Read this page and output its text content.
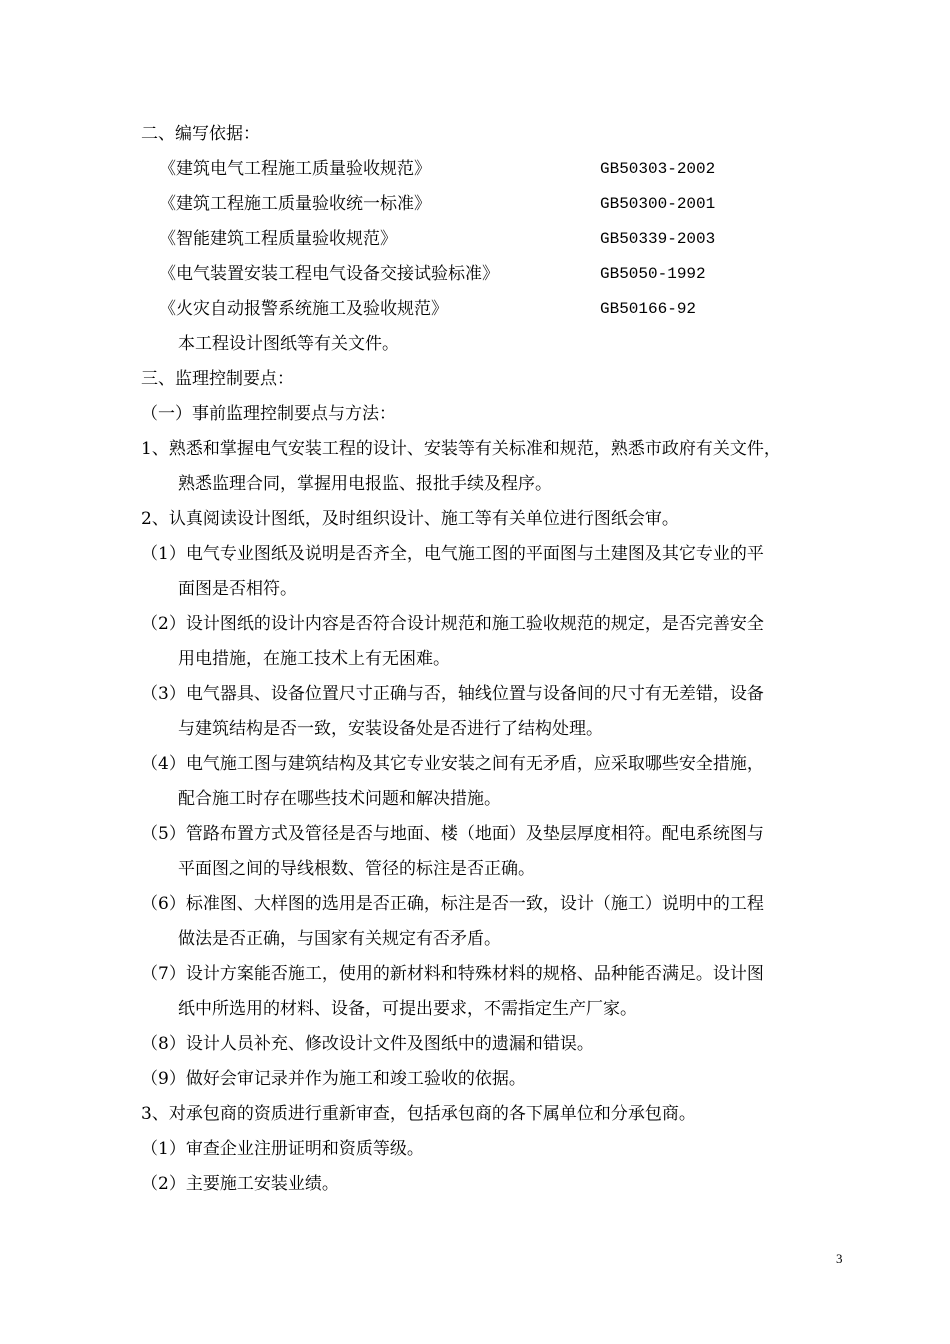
二、编写依据：
《建筑电气工程施工质量验收规范》	GB50303-2002
《建筑工程施工质量验收统一标准》	GB50300-2001
《智能建筑工程质量验收规范》	GB50339-2003
《电气装置安装工程电气设备交接试验标准》	GB5050-1992
《火灾自动报警系统施工及验收规范》	GB50166-92
本工程设计图纸等有关文件。
三、监理控制要点：
（一）事前监理控制要点与方法：
1、熟悉和掌握电气安装工程的设计、安装等有关标准和规范，熟悉市政府有关文件，
熟悉监理合同，掌握用电报监、报批手续及程序。
2、认真阅读设计图纸，及时组织设计、施工等有关单位进行图纸会审。
（1）电气专业图纸及说明是否齐全，电气施工图的平面图与土建图及其它专业的平
面图是否相符。
（2）设计图纸的设计内容是否符合设计规范和施工验收规范的规定，是否完善安全
用电措施，在施工技术上有无困难。
（3）电气器具、设备位置尺寸正确与否，轴线位置与设备间的尺寸有无差错，设备
与建筑结构是否一致，安装设备处是否进行了结构处理。
（4）电气施工图与建筑结构及其它专业安装之间有无矛盾，应采取哪些安全措施，
配合施工时存在哪些技术问题和解决措施。
（5）管路布置方式及管径是否与地面、楼（地面）及垫层厚度相符。配电系统图与
平面图之间的导线根数、管径的标注是否正确。
（6）标准图、大样图的选用是否正确，标注是否一致，设计（施工）说明中的工程
做法是否正确，与国家有关规定有否矛盾。
（7）设计方案能否施工，使用的新材料和特殊材料的规格、品种能否满足。设计图
纸中所选用的材料、设备，可提出要求，不需指定生产厂家。
（8）设计人员补充、修改设计文件及图纸中的遗漏和错误。
（9）做好会审记录并作为施工和竣工验收的依据。
3、对承包商的资质进行重新审查，包括承包商的各下属单位和分承包商。
（1）审查企业注册证明和资质等级。
（2）主要施工安装业绩。
3
